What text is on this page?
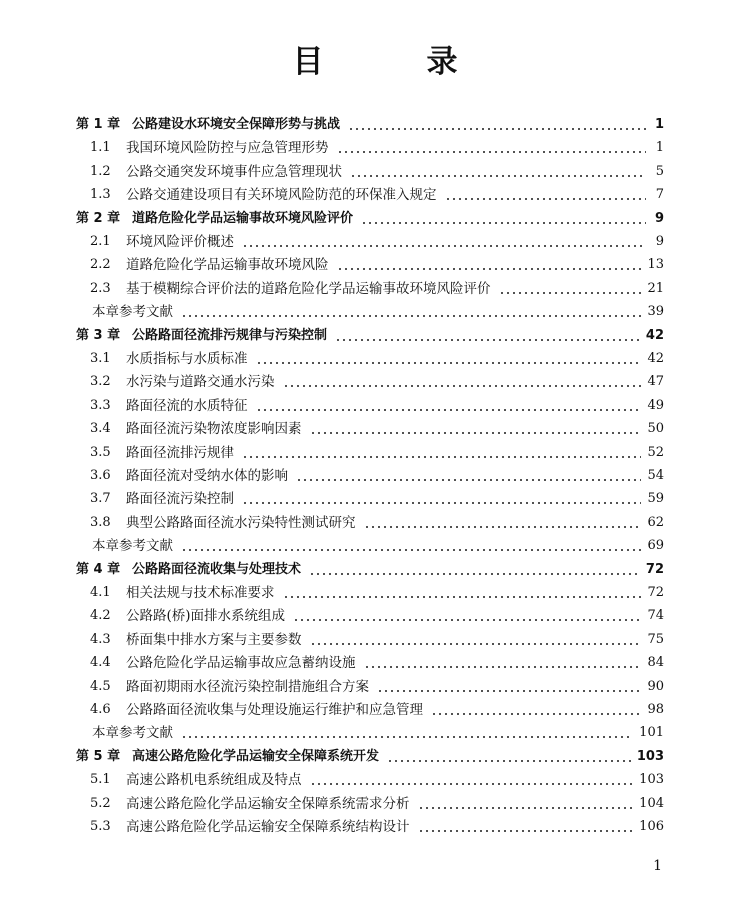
目　录
第 1 章 公路建设水环境安全保障形势与挑战	1
1.1	我国环境风险防控与应急管理形势	1
1.2	公路交通突发环境事件应急管理现状	5
1.3	公路交通建设项目有关环境风险防范的环保准入规定	7
第 2 章 道路危险化学品运输事故环境风险评价	9
2.1	环境风险评价概述	9
2.2	道路危险化学品运输事故环境风险	13
2.3	基于模糊综合评价法的道路危险化学品运输事故环境风险评价	21
本章参考文献	39
第 3 章 公路路面径流排污规律与污染控制	42
3.1	水质指标与水质标准	42
3.2	水污染与道路交通水污染	47
3.3	路面径流的水质特征	49
3.4	路面径流污染物浓度影响因素	50
3.5	路面径流排污规律	52
3.6	路面径流对受纳水体的影响	54
3.7	路面径流污染控制	59
3.8	典型公路路面径流水污染特性测试研究	62
本章参考文献	69
第 4 章 公路路面径流收集与处理技术	72
4.1	相关法规与技术标准要求	72
4.2	公路路(桥)面排水系统组成	74
4.3	桥面集中排水方案与主要参数	75
4.4	公路危险化学品运输事故应急蓄纳设施	84
4.5	路面初期雨水径流污染控制措施组合方案	90
4.6	公路路面径流收集与处理设施运行维护和应急管理	98
本章参考文献	101
第 5 章 高速公路危险化学品运输安全保障系统开发	103
5.1	高速公路机电系统组成及特点	103
5.2	高速公路危险化学品运输安全保障系统需求分析	104
5.3	高速公路危险化学品运输安全保障系统结构设计	106
1
